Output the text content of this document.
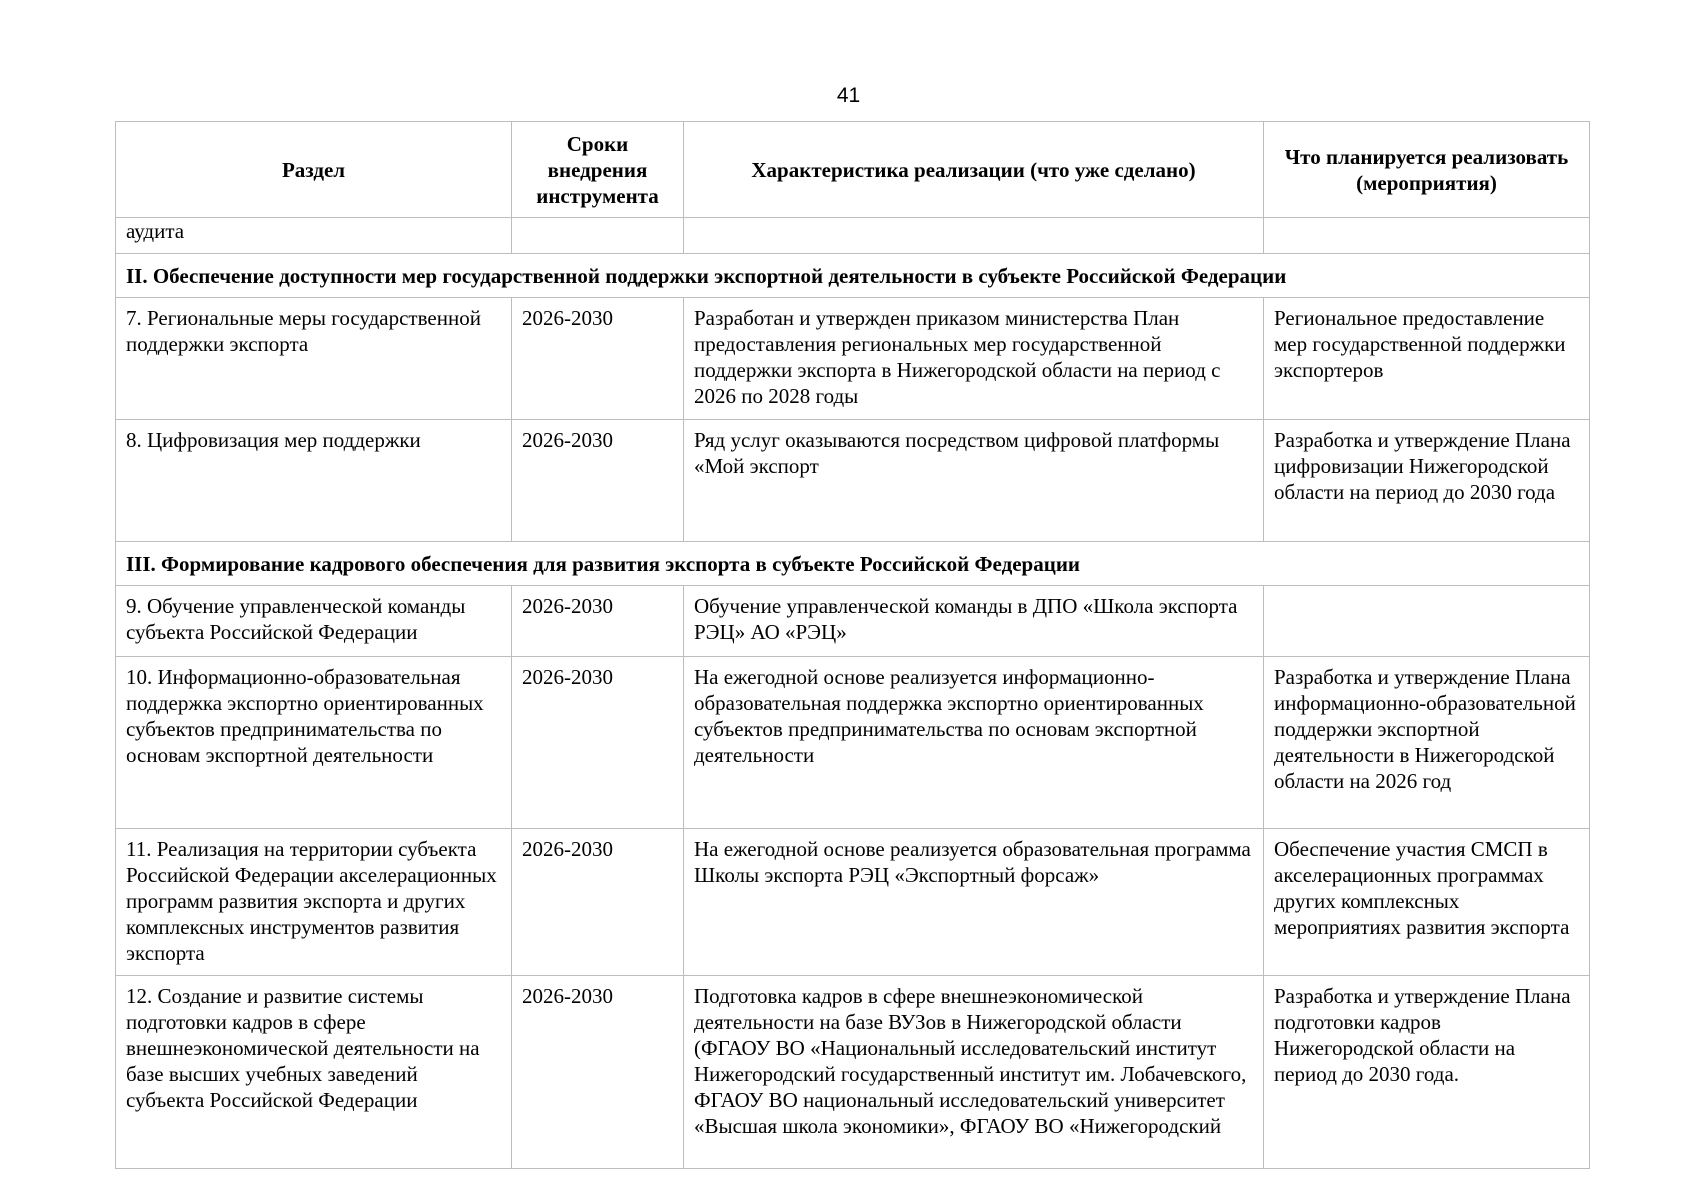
41
Раздел	Сроки внедрения инструмента	Характеристика реализации (что уже сделано)	Что планируется реализовать (мероприятия)
аудита			
II. Обеспечение доступности мер государственной поддержки экспортной деятельности в субъекте Российской Федерации			
7. Региональные меры государственной поддержки экспорта	2026-2030	Разработан и утвержден приказом министерства План предоставления региональных мер государственной поддержки экспорта в Нижегородской области на период с 2026 по 2028 годы	Региональное предоставление мер государственной поддержки экспортеров
8. Цифровизация мер поддержки	2026-2030	Ряд услуг оказываются посредством цифровой платформы «Мой экспорт	Разработка и утверждение Плана цифровизации Нижегородской области на период до 2030 года
III. Формирование кадрового обеспечения для развития экспорта в субъекте Российской Федерации			
9. Обучение управленческой команды субъекта Российской Федерации	2026-2030	Обучение управленческой команды в ДПО «Школа экспорта РЭЦ» АО «РЭЦ»	
10. Информационно-образовательная поддержка экспортно ориентированных субъектов предпринимательства по основам экспортной деятельности	2026-2030	На ежегодной основе реализуется информационно-образовательная поддержка экспортно ориентированных субъектов предпринимательства по основам экспортной деятельности	Разработка и утверждение Плана информационно-образовательной поддержки экспортной деятельности в Нижегородской области на 2026 год
11. Реализация на территории субъекта Российской Федерации акселерационных программ развития экспорта и других комплексных инструментов развития экспорта	2026-2030	На ежегодной основе реализуется образовательная программа Школы экспорта РЭЦ «Экспортный форсаж»	Обеспечение участия СМСП в акселерационных программах других комплексных мероприятиях развития экспорта
12. Создание и развитие системы подготовки кадров в сфере внешнеэкономической деятельности на базе высших учебных заведений субъекта Российской Федерации	2026-2030	Подготовка кадров в сфере внешнеэкономической деятельности на базе ВУЗов в Нижегородской области (ФГАОУ ВО «Национальный исследовательский институт Нижегородский государственный институт им. Лобачевского, ФГАОУ ВО национальный исследовательский университет «Высшая школа экономики», ФГАОУ ВО «Нижегородский	Разработка и утверждение Плана подготовки кадров Нижегородской области на период до 2030 года.
